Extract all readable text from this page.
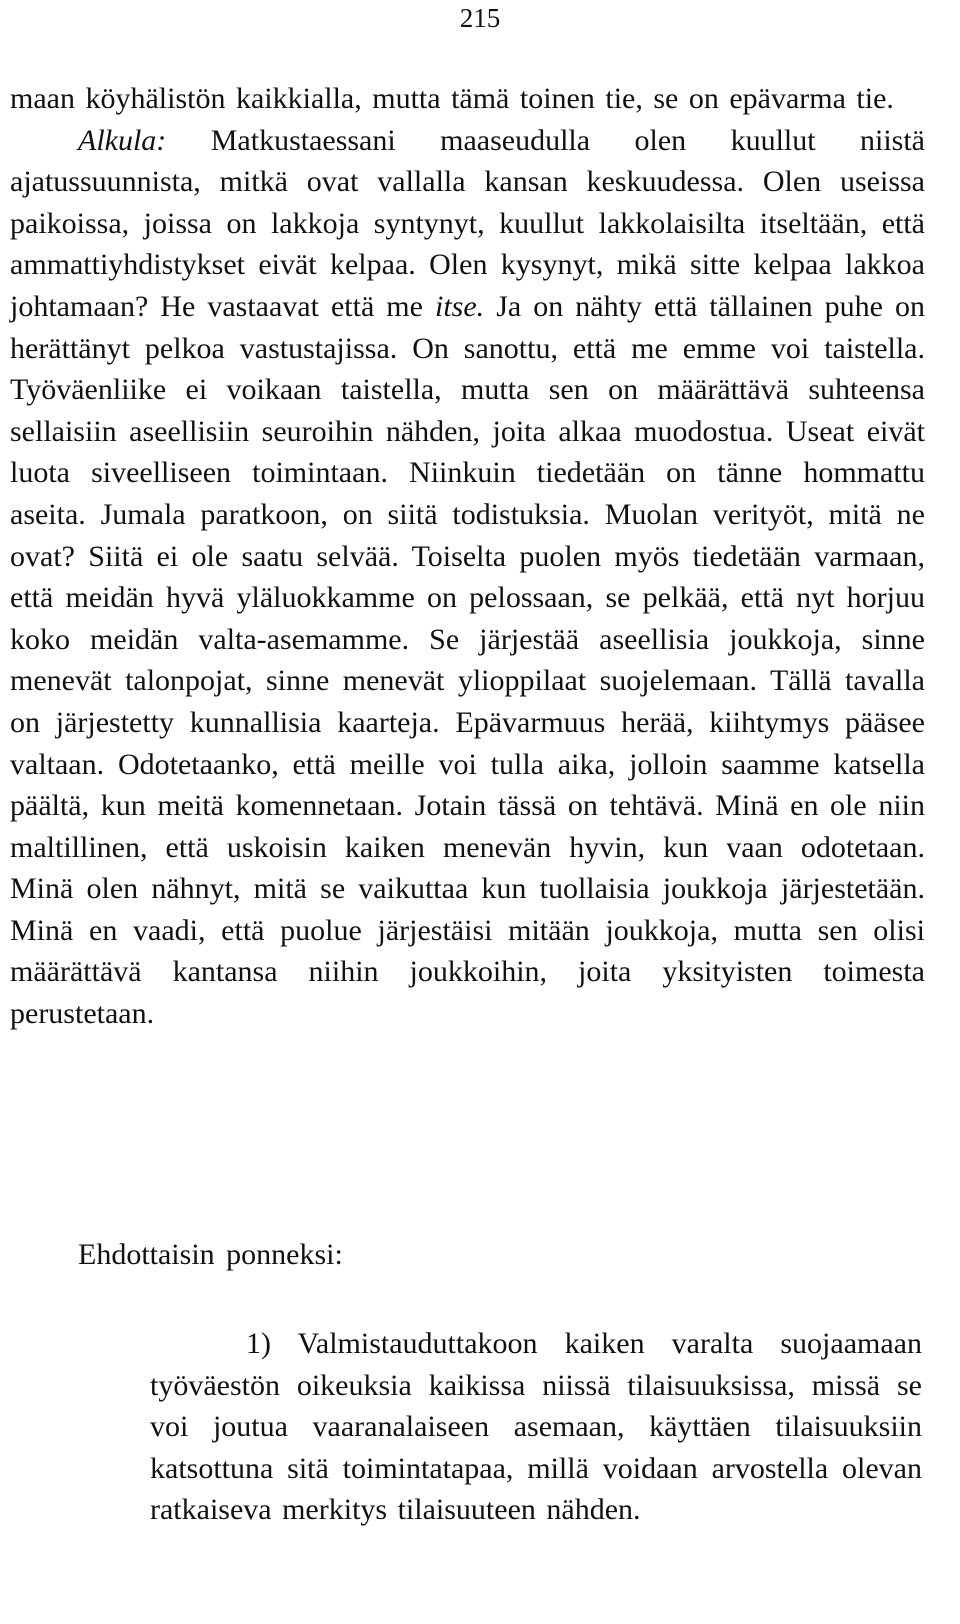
215

maan köyhälistön kaikkialla, mutta tämä toinen tie, se on epävarma tie.

Alkula: Matkustaessani maaseudulla olen kuullut niistä ajatussuunnista, mitkä ovat vallalla kansan keskuudessa. Olen useissa paikoissa, joissa on lakkoja syntynyt, kuullut lakkolaisilta itseltään, että ammattiyhdistykset eivät kelpaa. Olen kysynyt, mikä sitte kelpaa lakkoa johtamaan? He vastaavat että me itse. Ja on nähty että tällainen puhe on herättänyt pelkoa vastustajissa. On sanottu, että me emme voi taistella. Työväenliike ei voikaan taistella, mutta sen on määrättävä suhteensa sellaisiin aseellisiin seuroihin nähden, joita alkaa muodostua. Useat eivät luota siveelliseen toimintaan. Niinkuin tiedetään on tänne hommattu aseita. Jumala paratkoon, on siitä todistuksia. Muolan verityöt, mitä ne ovat? Siitä ei ole saatu selvää. Toiselta puolen myös tiedetään varmaan, että meidän hyvä yläluokkamme on pelossaan, se pelkää, että nyt horjuu koko meidän valta-asemamme. Se järjestää aseellisia joukkoja, sinne menevät talonpojat, sinne menevät ylioppilaat suojelemaan. Tällä tavalla on järjestetty kunnallisia kaarteja. Epävarmuus herää, kiihtymys pääsee valtaan. Odotetaanko, että meille voi tulla aika, jolloin saamme katsella päältä, kun meitä komennetaan. Jotain tässä on tehtävä. Minä en ole niin maltillinen, että uskoisin kaiken menevän hyvin, kun vaan odotetaan. Minä olen nähnyt, mitä se vaikuttaa kun tuollaisia joukkoja järjestetään. Minä en vaadi, että puolue järjestäisi mitään joukkoja, mutta sen olisi määrättävä kantansa niihin joukkoihin, joita yksityisten toimesta perustetaan.

Ehdottaisin ponneksi:

1) Valmistauduttakoon kaiken varalta suojaamaan työväestön oikeuksia kaikissa niissä tilaisuuksissa, missä se voi joutua vaaranalaiseen asemaan, käyttäen tilaisuuksiin katsottuna sitä toimintatapaa, millä voidaan arvostella olevan ratkaiseva merkitys tilaisuuteen nähden.
